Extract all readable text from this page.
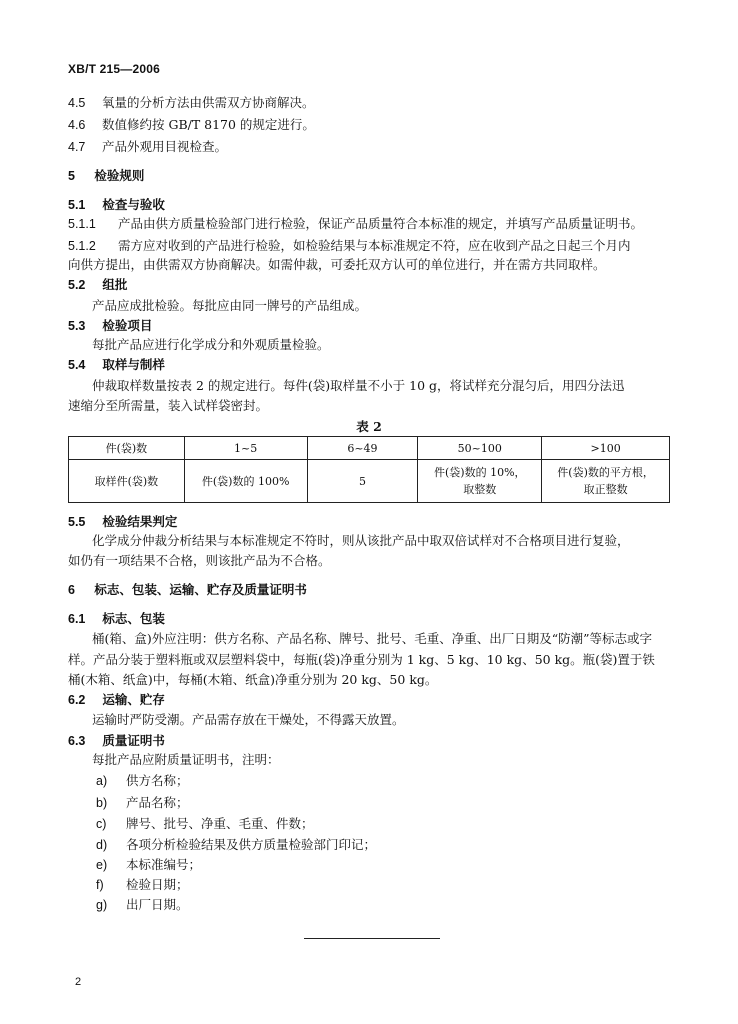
XB/T 215—2006
4.5 氧量的分析方法由供需双方协商解决。
4.6 数值修约按 GB/T 8170 的规定进行。
4.7 产品外观用目视检查。
5 检验规则
5.1 检查与验收
5.1.1 产品由供方质量检验部门进行检验，保证产品质量符合本标准的规定，并填写产品质量证明书。
5.1.2 需方应对收到的产品进行检验，如检验结果与本标准规定不符，应在收到产品之日起三个月内
向供方提出，由供需双方协商解决。如需仲裁，可委托双方认可的单位进行，并在需方共同取样。
5.2 组批
产品应成批检验。每批应由同一牌号的产品组成。
5.3 检验项目
每批产品应进行化学成分和外观质量检验。
5.4 取样与制样
仲裁取样数量按表 2 的规定进行。每件(袋)取样量不小于 10 g，将试样充分混匀后，用四分法迅
速缩分至所需量，装入试样袋密封。
表 2
件(袋)数	1~5	6~49	50~100	>100
取样件(袋)数	件(袋)数的 100%	5	件(袋)数的 10%，取整数	件(袋)数的平方根，取正整数
5.5 检验结果判定
化学成分仲裁分析结果与本标准规定不符时，则从该批产品中取双倍试样对不合格项目进行复验，
如仍有一项结果不合格，则该批产品为不合格。
6 标志、包装、运输、贮存及质量证明书
6.1 标志、包装
桶(箱、盒)外应注明：供方名称、产品名称、牌号、批号、毛重、净重、出厂日期及“防潮”等标志或字
样。产品分装于塑料瓶或双层塑料袋中，每瓶(袋)净重分别为 1 kg、5 kg、10 kg、50 kg。瓶(袋)置于铁
桶(木箱、纸盒)中，每桶(木箱、纸盒)净重分别为 20 kg、50 kg。
6.2 运输、贮存
运输时严防受潮。产品需存放在干燥处，不得露天放置。
6.3 质量证明书
每批产品应附质量证明书，注明：
a) 供方名称；
b) 产品名称；
c) 牌号、批号、净重、毛重、件数；
d) 各项分析检验结果及供方质量检验部门印记；
e) 本标准编号；
f) 检验日期；
g) 出厂日期。
2
